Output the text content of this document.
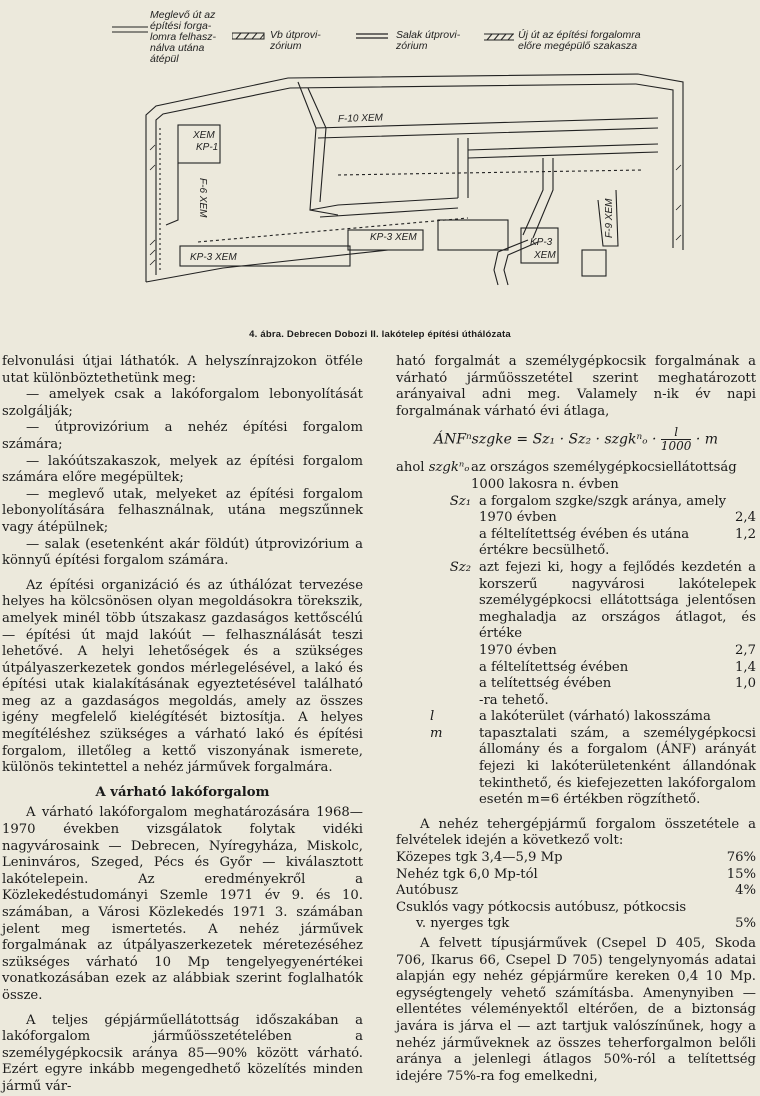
Meglevő út az
építési forga-
lomra felhasz-
nálva utána
átépül
Vb útprovi-
zórium
Salak útprovi-
zórium
Új út az építési forgalomra
előre megépülő szakasza
XEM
KP-1
F-6 XEM
F-10 XEM
F-9 XEM
KP-3 XEM
KP-3 XEM
KP-3
XEM
4. ábra. Debrecen Dobozi II. lakótelep építési úthálózata

felvonulási útjai láthatók. A helyszínrajzokon ötféle utat különböztethetünk meg:

— amelyek csak a lakóforgalom lebonyolítását szolgálják;

— útprovizórium a nehéz építési forgalom számára;

— lakóútszakaszok, melyek az építési forgalom számára előre megépültek;

— meglevő utak, melyeket az építési forgalom lebonyolítására felhasználnak, utána megszűnnek vagy átépülnek;

— salak (esetenként akár földút) útprovizórium a könnyű építési forgalom számára.

Az építési organizáció és az úthálózat tervezése helyes ha kölcsönösen olyan megoldásokra törekszik, amelyek minél több útszakasz gazdaságos kettőscélú — építési út majd lakóút — felhasználását teszi lehetővé. A helyi lehetőségek és a szükséges útpályaszerkezetek gondos mérlegelésével, a lakó és építési utak kialakításának egyeztetésével található meg az a gazdaságos megoldás, amely az összes igény megfelelő kielégítését biztosítja. A helyes megítéléshez szükséges a várható lakó és építési forgalom, illetőleg a kettő viszonyának ismerete, különös tekintettel a nehéz járművek forgalmára.

A várható lakóforgalom

A várható lakóforgalom meghatározására 1968—1970 években vizsgálatok folytak vidéki nagyvárosaink — Debrecen, Nyíregyháza, Miskolc, Leninváros, Szeged, Pécs és Győr — kiválasztott lakótelepein. Az eredményekről a Közlekedéstudományi Szemle 1971 év 9. és 10. számában, a Városi Közlekedés 1971 3. számában jelent meg ismertetés. A nehéz járművek forgalmának az útpályaszerkezetek méretezéséhez szükséges várható 10 Mp tengelyegyenértékei vonatkozásában ezek az alábbiak szerint foglalhatók össze.

A teljes gépjárműellátottság időszakában a lakóforgalom járműösszetételében a személygépkocsik aránya 85—90% között várható. Ezért egyre inkább megengedhető közelítés minden jármű vár-

ható forgalmát a személygépkocsik forgalmának a várható járműösszetétel szerint meghatározott arányaival adni meg. Valamely n-ik év napi forgalmának várható évi átlaga,

ÁNFⁿszgke = Sz₁ · Sz₂ · szgkⁿₒ · $\frac{l}{1000} \cdot m$
ahol szgkⁿₒ az országos személygépkocsiellátottság 1000 lakosra n. évben
Sz₁ a forgalom szgke/szgk aránya, amely
1970 évben	2,4
a féltelítettség évében és utána	1,2
értékre becsülhető.
Sz₂ azt fejezi ki, hogy a fejlődés kezdetén a korszerű nagyvárosi lakótelepek személygépkocsi ellátottsága jelentősen meghaladja az országos átlagot, és értéke
1970 évben	2,7
a féltelítettség évében	1,4
a telítettség évében	1,0
-ra tehető.
l	a lakóterület (várható) lakosszáma
m	tapasztalati szám, a személygépkocsi állomány és a forgalom (ÁNF) arányát fejezi ki lakóterületenként állandónak tekinthető, és kiefejezetten lakóforgalom esetén m=6 értékben rögzíthető.

A nehéz tehergépjármű forgalom összetétele a felvételek idején a következő volt:

Közepes tgk 3,4—5,9 Mp	76%
Nehéz tgk 6,0 Mp-tól	15%
Autóbusz	4%
Csuklós vagy pótkocsis autóbusz, pótkocsis
v. nyerges tgk	5%

A felvett típusjárművek (Csepel D 405, Skoda 706, Ikarus 66, Csepel D 705) tengelynyomás adatai alapján egy nehéz gépjárműre kereken 0,4 10 Mp. egységtengely vehető számításba. Amenynyiben — ellentétes véleményektől eltérően, de a biztonság javára is járva el — azt tartjuk valószínűnek, hogy a nehéz járműveknek az összes teherforgalmon belőli aránya a jelenlegi átlagos 50%-ról a telítettség idejére 75%-ra fog emelkedni,
